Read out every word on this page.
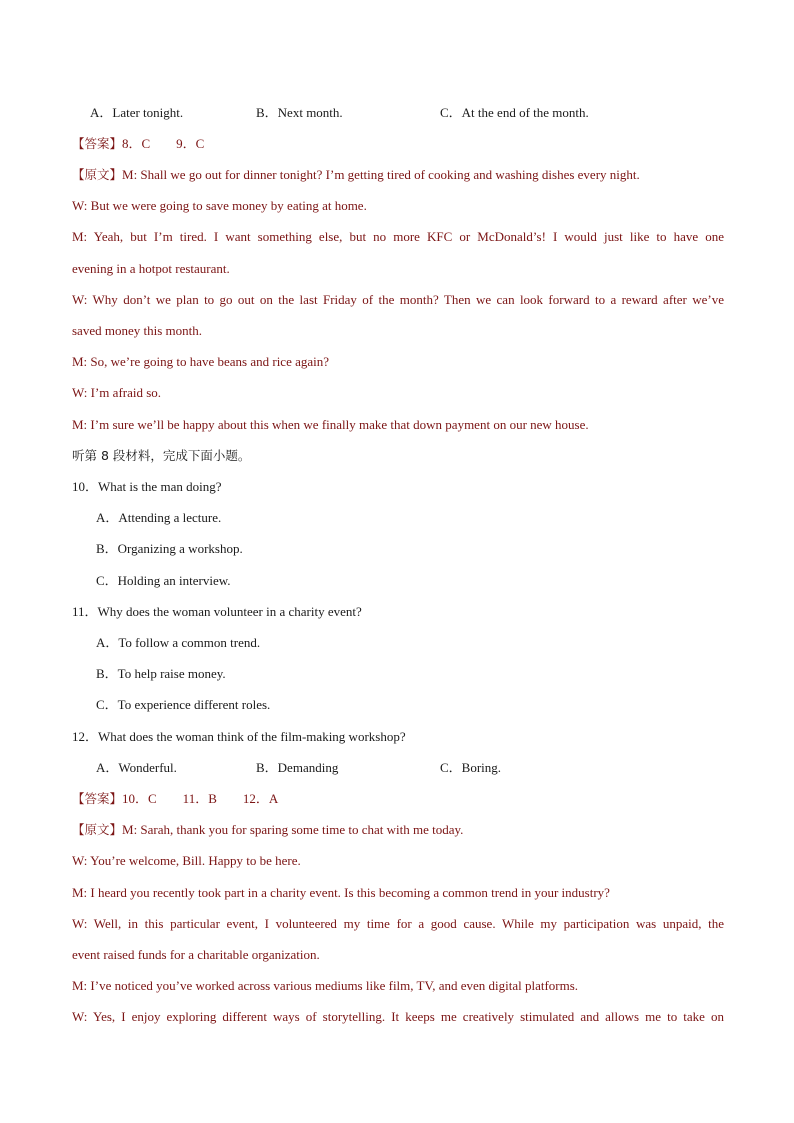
A．Later tonight.	B．Next month.	C．At the end of the month.
【答案】8．C　　9．C
【原文】M: Shall we go out for dinner tonight? I’m getting tired of cooking and washing dishes every night.
W: But we were going to save money by eating at home.
M: Yeah, but I’m tired. I want something else, but no more KFC or McDonald’s! I would just like to have one
evening in a hotpot restaurant.
W: Why don’t we plan to go out on the last Friday of the month? Then we can look forward to a reward after we’ve
saved money this month.
M: So, we’re going to have beans and rice again?
W: I’m afraid so.
M: I’m sure we’ll be happy about this when we finally make that down payment on our new house.
听第 8 段材料，完成下面小题。
10．What is the man doing?
A．Attending a lecture.
B．Organizing a workshop.
C．Holding an interview.
11．Why does the woman volunteer in a charity event?
A．To follow a common trend.
B．To help raise money.
C．To experience different roles.
12．What does the woman think of the film-making workshop?
A．Wonderful.	B．Demanding	C．Boring.
【答案】10．C　　11．B　　12．A
【原文】M: Sarah, thank you for sparing some time to chat with me today.
W: You’re welcome, Bill. Happy to be here.
M: I heard you recently took part in a charity event. Is this becoming a common trend in your industry?
W: Well, in this particular event, I volunteered my time for a good cause. While my participation was unpaid, the
event raised funds for a charitable organization.
M: I’ve noticed you’ve worked across various mediums like film, TV, and even digital platforms.
W: Yes, I enjoy exploring different ways of storytelling. It keeps me creatively stimulated and allows me to take on
